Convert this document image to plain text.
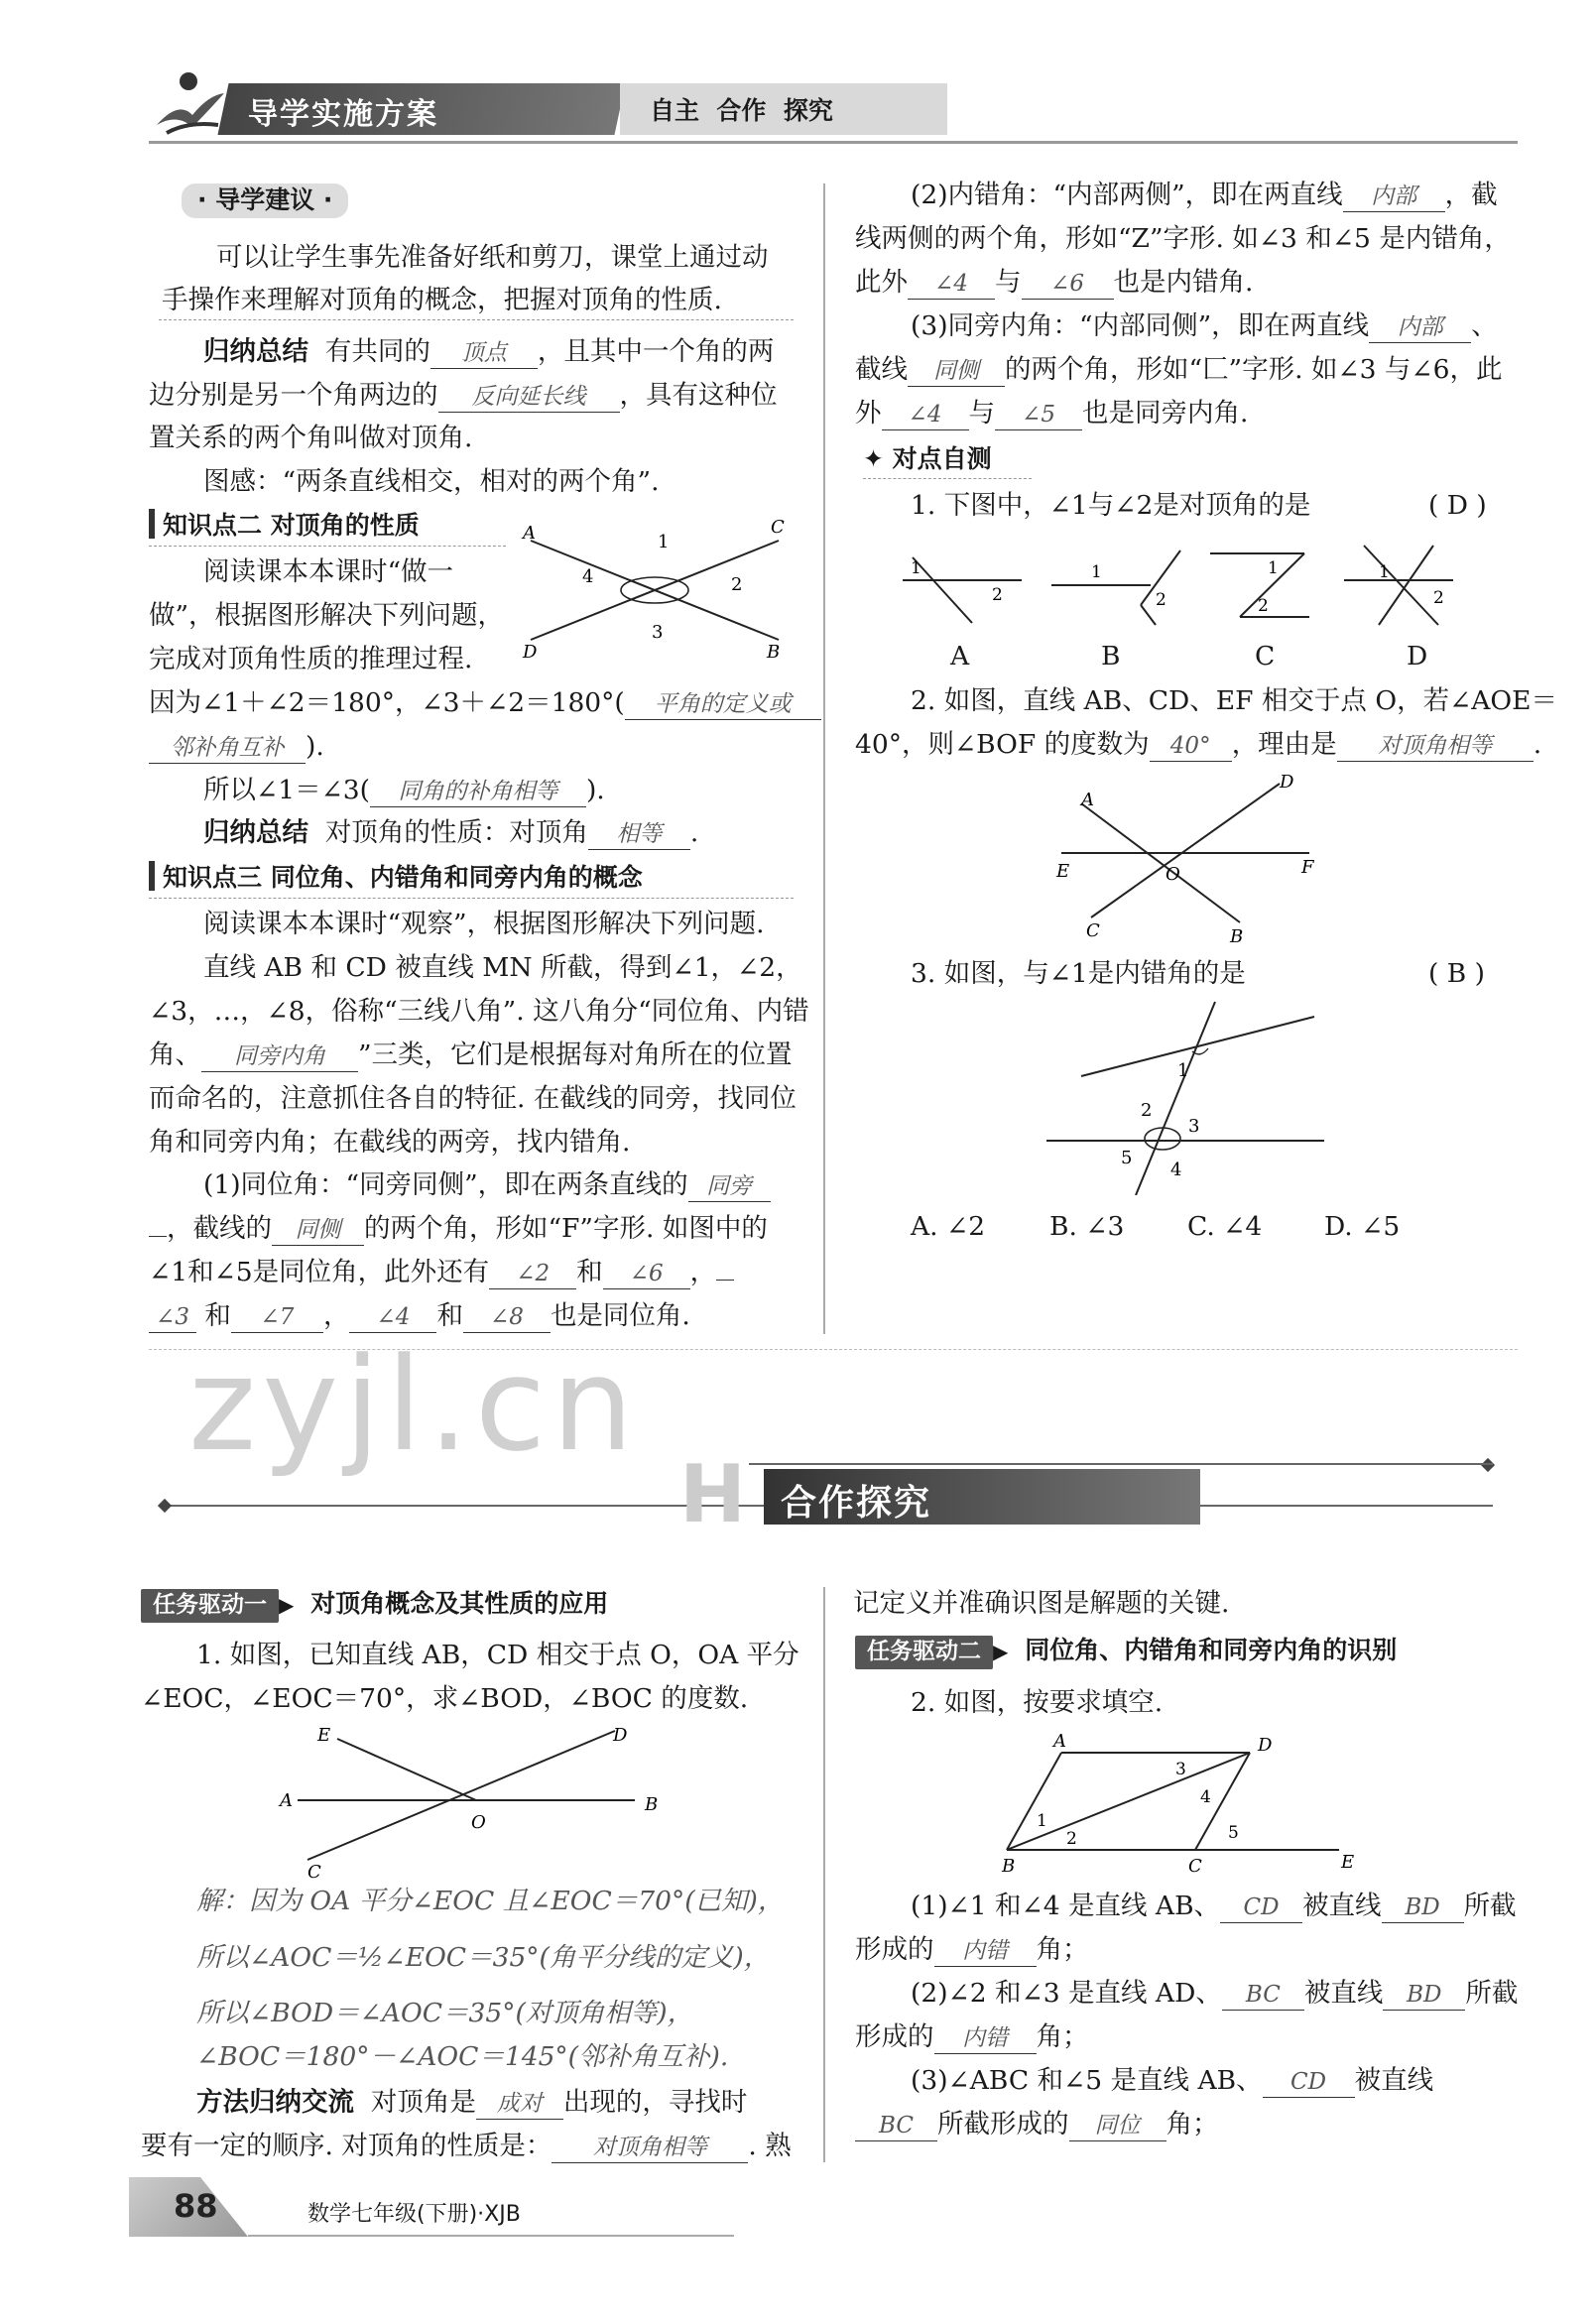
导学实施方案	自主  合作  探究
· 导学建议 ·
可以让学生事先准备好纸和剪刀，课堂上通过动
手操作来理解对顶角的概念，把握对顶角的性质.
归纳总结 有共同的 顶点 ，且其中一个角的两
边分别是另一个角两边的 反向延长线 ，具有这种位
置关系的两个角叫做对顶角.
图感：“两条直线相交，相对的两个角”.
知识点二 对顶角的性质
阅读课本本课时“做一
做”，根据图形解决下列问题，
完成对顶角性质的推理过程.
A	C
D	B
1
4	2
3
因为∠1＋∠2＝180°，∠3＋∠2＝180°( 平角的定义或
邻补角互补 ).
所以∠1＝∠3( 同角的补角相等 ).
归纳总结 对顶角的性质：对顶角 相等 .
知识点三 同位角、内错角和同旁内角的概念
阅读课本本课时“观察”，根据图形解决下列问题.
直线 AB 和 CD 被直线 MN 所截，得到∠1，∠2，
∠3，…，∠8，俗称“三线八角”. 这八角分“同位角、内错
角、 同旁内角 ”三类，它们是根据每对角所在的位置
而命名的，注意抓住各自的特征. 在截线的同旁，找同位
角和同旁内角；在截线的两旁，找内错角.
(1)同位角：“同旁同侧”，即在两条直线的 同旁
，截线的 同侧 的两个角，形如“F”字形. 如图中的
∠1和∠5是同位角，此外还有 ∠2 和 ∠6 ，
∠3 和 ∠7 ， ∠4 和 ∠8 也是同位角.
(2)内错角：“内部两侧”，即在两直线 内部 ，截
线两侧的两个角，形如“Z”字形. 如∠3 和∠5 是内错角，
此外 ∠4 与 ∠6 也是内错角.
(3)同旁内角：“内部同侧”，即在两直线 内部 、
截线 同侧 的两个角，形如“匚”字形. 如∠3 与∠6，此
外 ∠4 与 ∠5 也是同旁内角.
✦ 对点自测
1. 下图中，∠1与∠2是对顶角的是	( D )
1
2
1
2
1
2
1
2
A	B	C	D
2. 如图，直线 AB、CD、EF 相交于点 O，若∠AOE＝
40°，则∠BOF 的度数为 40° ，理由是 对顶角相等 .
A
D
E	F
O
C	B
3. 如图，与∠1是内错角的是	( B )
1
2
3
4
5
A. ∠2 B. ∠3 C. ∠4 D. ∠5
H 合作探究
任务驱动一 ▶ 对顶角概念及其性质的应用
1. 如图，已知直线 AB，CD 相交于点 O，OA 平分
∠EOC，∠EOC＝70°，求∠BOD，∠BOC 的度数.
E	D
A	B
O
C
解：因为 OA 平分∠EOC 且∠EOC＝70°(已知)，
所以∠AOC＝½∠EOC＝35°(角平分线的定义)，
所以∠BOD＝∠AOC＝35°(对顶角相等)，
∠BOC＝180°－∠AOC＝145°(邻补角互补).
方法归纳交流 对顶角是 成对 出现的，寻找时
要有一定的顺序. 对顶角的性质是： 对顶角相等 . 熟
记定义并准确识图是解题的关键.
任务驱动二 ▶ 同位角、内错角和同旁内角的识别
2. 如图，按要求填空.
A	D
B	C	E
1
2
3
4
5
(1)∠1 和∠4 是直线 AB、 CD 被直线 BD 所截
形成的 内错 角；
(2)∠2 和∠3 是直线 AD、 BC 被直线 BD 所截
形成的 内错 角；
(3)∠ABC 和∠5 是直线 AB、 CD 被直线
BC 所截形成的 同位 角；
88	数学七年级(下册)·XJB
zyjl.cn
